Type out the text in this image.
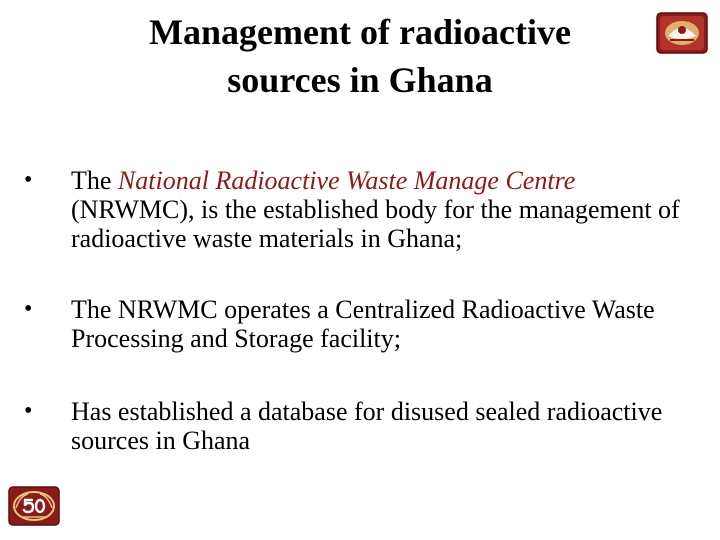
Management of radioactive
sources in Ghana
• The National Radioactive Waste Manage Centre (NRWMC), is the established body for the management of radioactive waste materials in Ghana;
• The NRWMC operates a Centralized Radioactive Waste Processing and Storage facility;
• Has established a database for disused sealed radioactive sources in Ghana
